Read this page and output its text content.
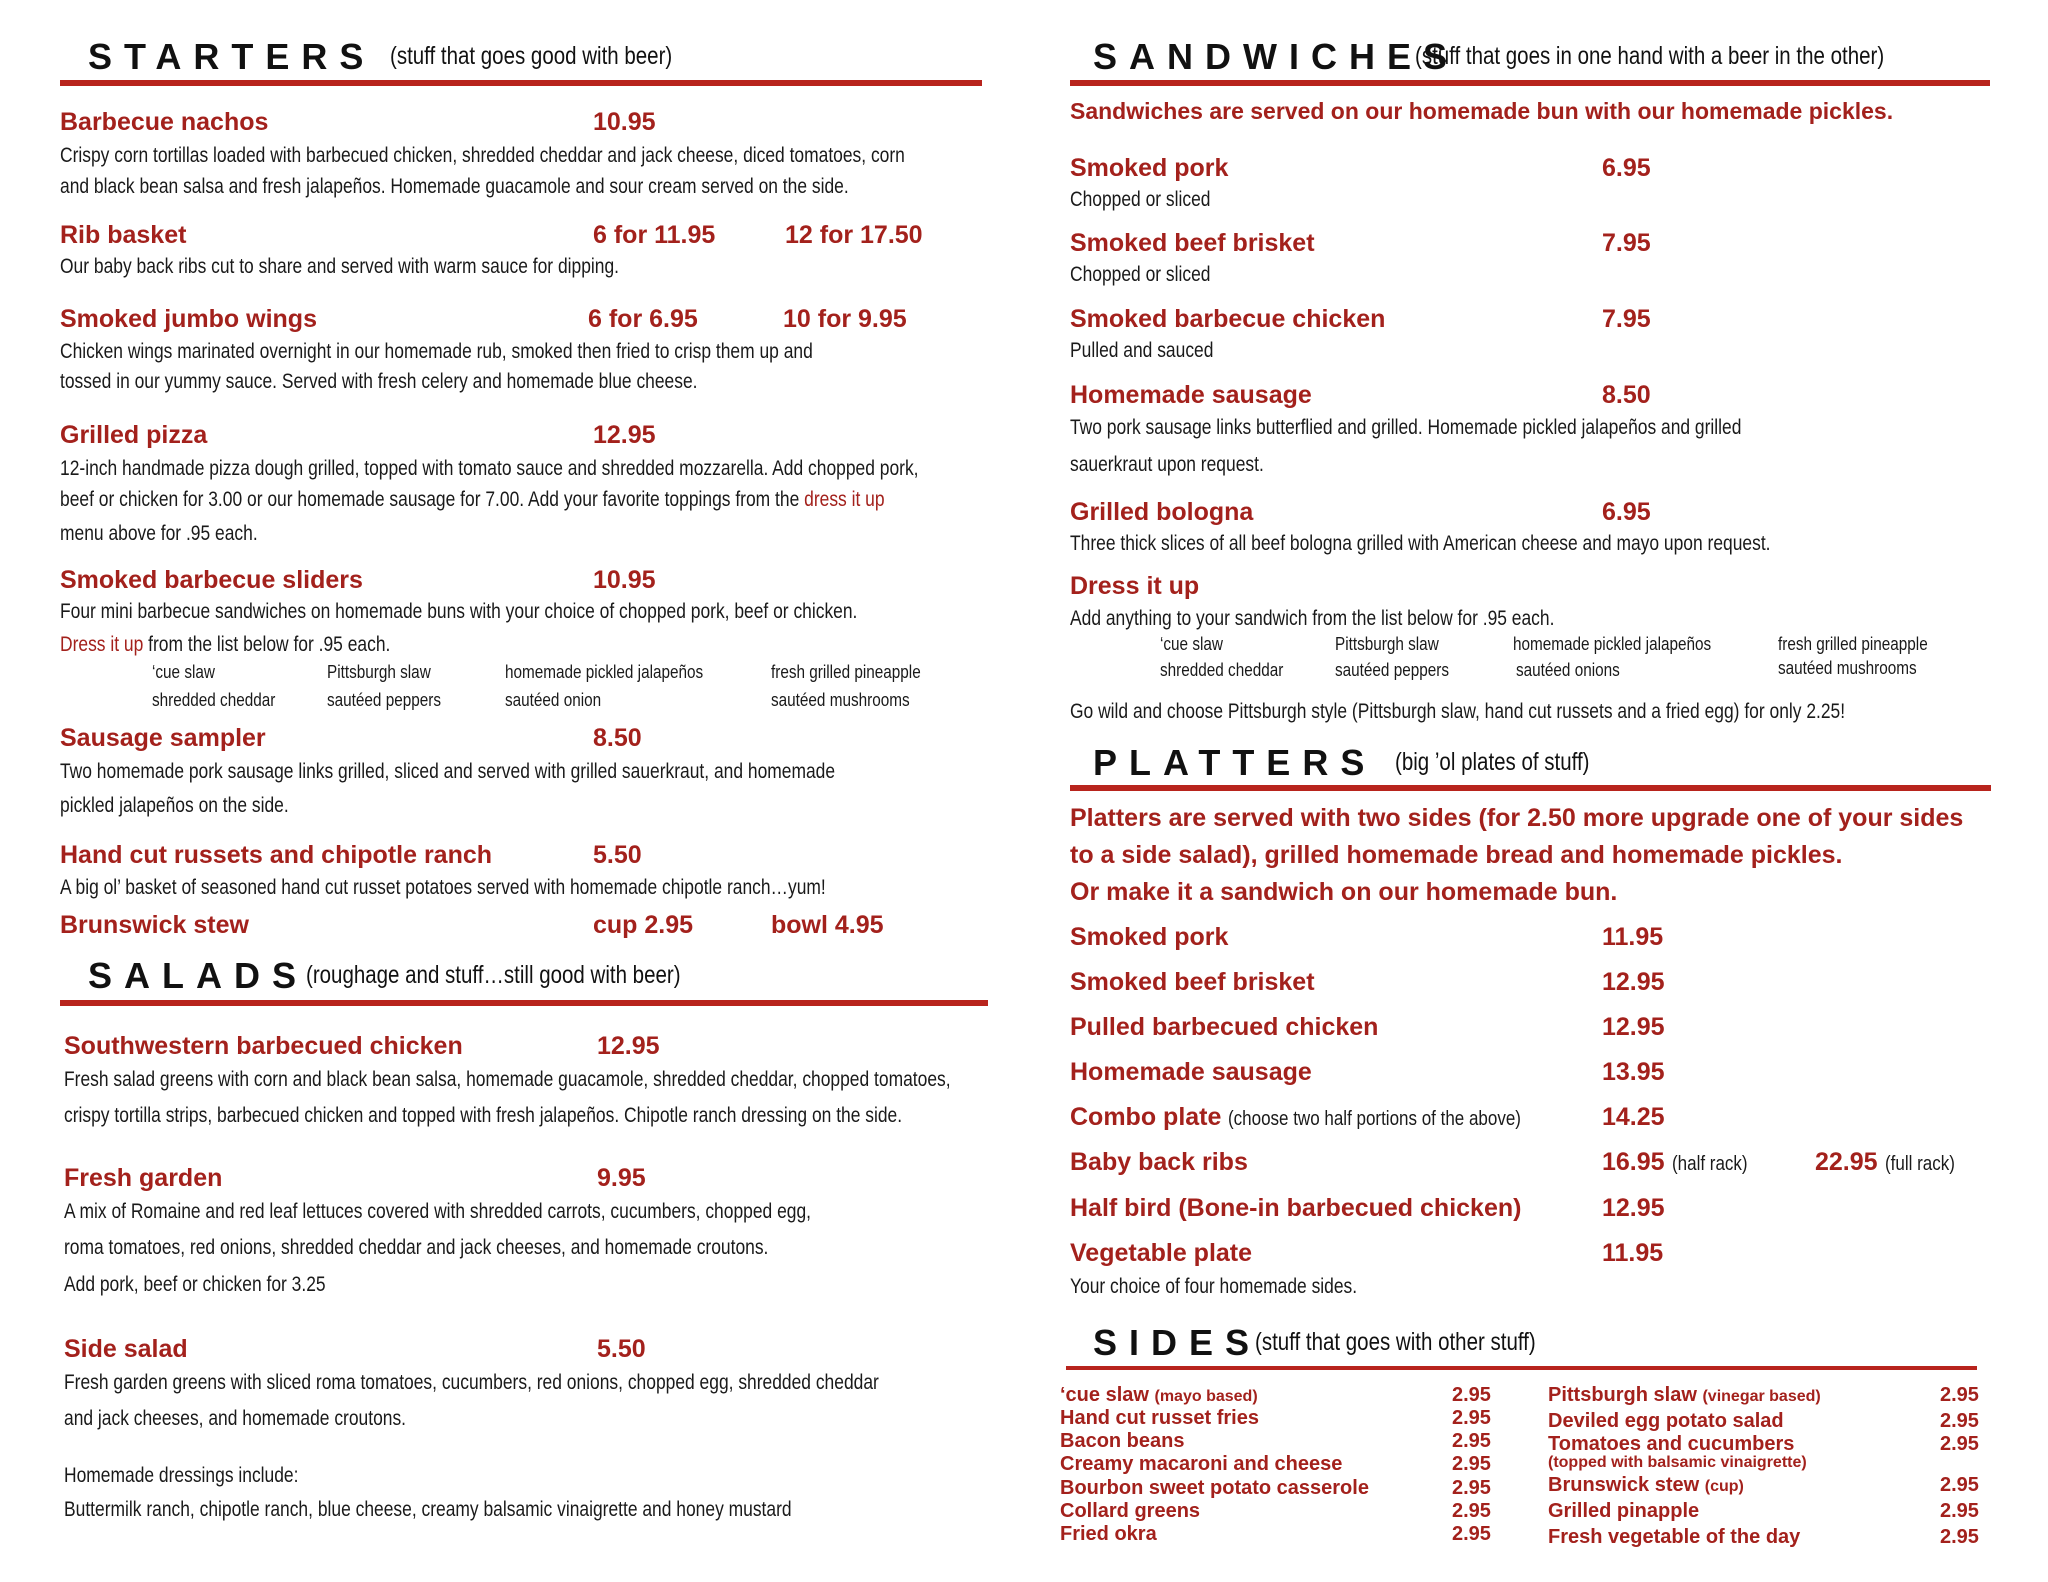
STARTERS (stuff that goes good with beer)
Barbecue nachos	10.95
Crispy corn tortillas loaded with barbecued chicken, shredded cheddar and jack cheese, diced tomatoes, corn
and black bean salsa and fresh jalapeños. Homemade guacamole and sour cream served on the side.
Rib basket	6 for 11.95	12 for 17.50
Our baby back ribs cut to share and served with warm sauce for dipping.
Smoked jumbo wings	6 for 6.95	10 for 9.95
Chicken wings marinated overnight in our homemade rub, smoked then fried to crisp them up and
tossed in our yummy sauce. Served with fresh celery and homemade blue cheese.
Grilled pizza	12.95
12-inch handmade pizza dough grilled, topped with tomato sauce and shredded mozzarella. Add chopped pork,
beef or chicken for 3.00 or our homemade sausage for 7.00. Add your favorite toppings from the dress it up
menu above for .95 each.
Smoked barbecue sliders	10.95
Four mini barbecue sandwiches on homemade buns with your choice of chopped pork, beef or chicken.
Dress it up from the list below for .95 each.
‘cue slaw	Pittsburgh slaw	homemade pickled jalapeños	fresh grilled pineapple
shredded cheddar	sautéed peppers	sautéed onion	sautéed mushrooms
Sausage sampler	8.50
Two homemade pork sausage links grilled, sliced and served with grilled sauerkraut, and homemade
pickled jalapeños on the side.
Hand cut russets and chipotle ranch	5.50
A big ol’ basket of seasoned hand cut russet potatoes served with homemade chipotle ranch…yum!
Brunswick stew	cup 2.95	bowl 4.95
SALADS
(roughage and stuff…still good with beer)
Southwestern barbecued chicken	12.95
Fresh salad greens with corn and black bean salsa, homemade guacamole, shredded cheddar, chopped tomatoes,
crispy tortilla strips, barbecued chicken and topped with fresh jalapeños. Chipotle ranch dressing on the side.
Fresh garden	9.95
A mix of Romaine and red leaf lettuces covered with shredded carrots, cucumbers, chopped egg,
roma tomatoes, red onions, shredded cheddar and jack cheeses, and homemade croutons.
Add pork, beef or chicken for 3.25
Side salad	5.50
Fresh garden greens with sliced roma tomatoes, cucumbers, red onions, chopped egg, shredded cheddar
and jack cheeses, and homemade croutons.
Homemade dressings include:
Buttermilk ranch, chipotle ranch, blue cheese, creamy balsamic vinaigrette and honey mustard
SANDWICHES
(stuff that goes in one hand with a beer in the other)
Sandwiches are served on our homemade bun with our homemade pickles.
Smoked pork	6.95
Chopped or sliced
Smoked beef brisket	7.95
Chopped or sliced
Smoked barbecue chicken	7.95
Pulled and sauced
Homemade sausage	8.50
Two pork sausage links butterflied and grilled. Homemade pickled jalapeños and grilled
sauerkraut upon request.
Grilled bologna	6.95
Three thick slices of all beef bologna grilled with American cheese and mayo upon request.
Dress it up
Add anything to your sandwich from the list below for .95 each.
‘cue slaw	Pittsburgh slaw	homemade pickled jalapeños	fresh grilled pineapple
shredded cheddar	sautéed peppers	sautéed onions	sautéed mushrooms
Go wild and choose Pittsburgh style (Pittsburgh slaw, hand cut russets and a fried egg) for only 2.25!
PLATTERS (big ’ol plates of stuff)
Platters are served with two sides (for 2.50 more upgrade one of your sides
to a side salad), grilled homemade bread and homemade pickles.
Or make it a sandwich on our homemade bun.
Smoked pork	11.95
Smoked beef brisket	12.95
Pulled barbecued chicken	12.95
Homemade sausage	13.95
Combo plate (choose two half portions of the above)	14.25
Baby back ribs	16.95 (half rack)	22.95 (full rack)
Half bird (Bone-in barbecued chicken)	12.95
Vegetable plate	11.95
Your choice of four homemade sides.
SIDES
(stuff that goes with other stuff)
‘cue slaw (mayo based)	2.95
Hand cut russet fries	2.95
Bacon beans	2.95
Creamy macaroni and cheese	2.95
Bourbon sweet potato casserole	2.95
Collard greens	2.95
Fried okra	2.95
Pittsburgh slaw (vinegar based)	2.95
Deviled egg potato salad	2.95
Tomatoes and cucumbers
(topped with balsamic vinaigrette)
2.95
Brunswick stew (cup)	2.95
Grilled pinapple	2.95
Fresh vegetable of the day	2.95
